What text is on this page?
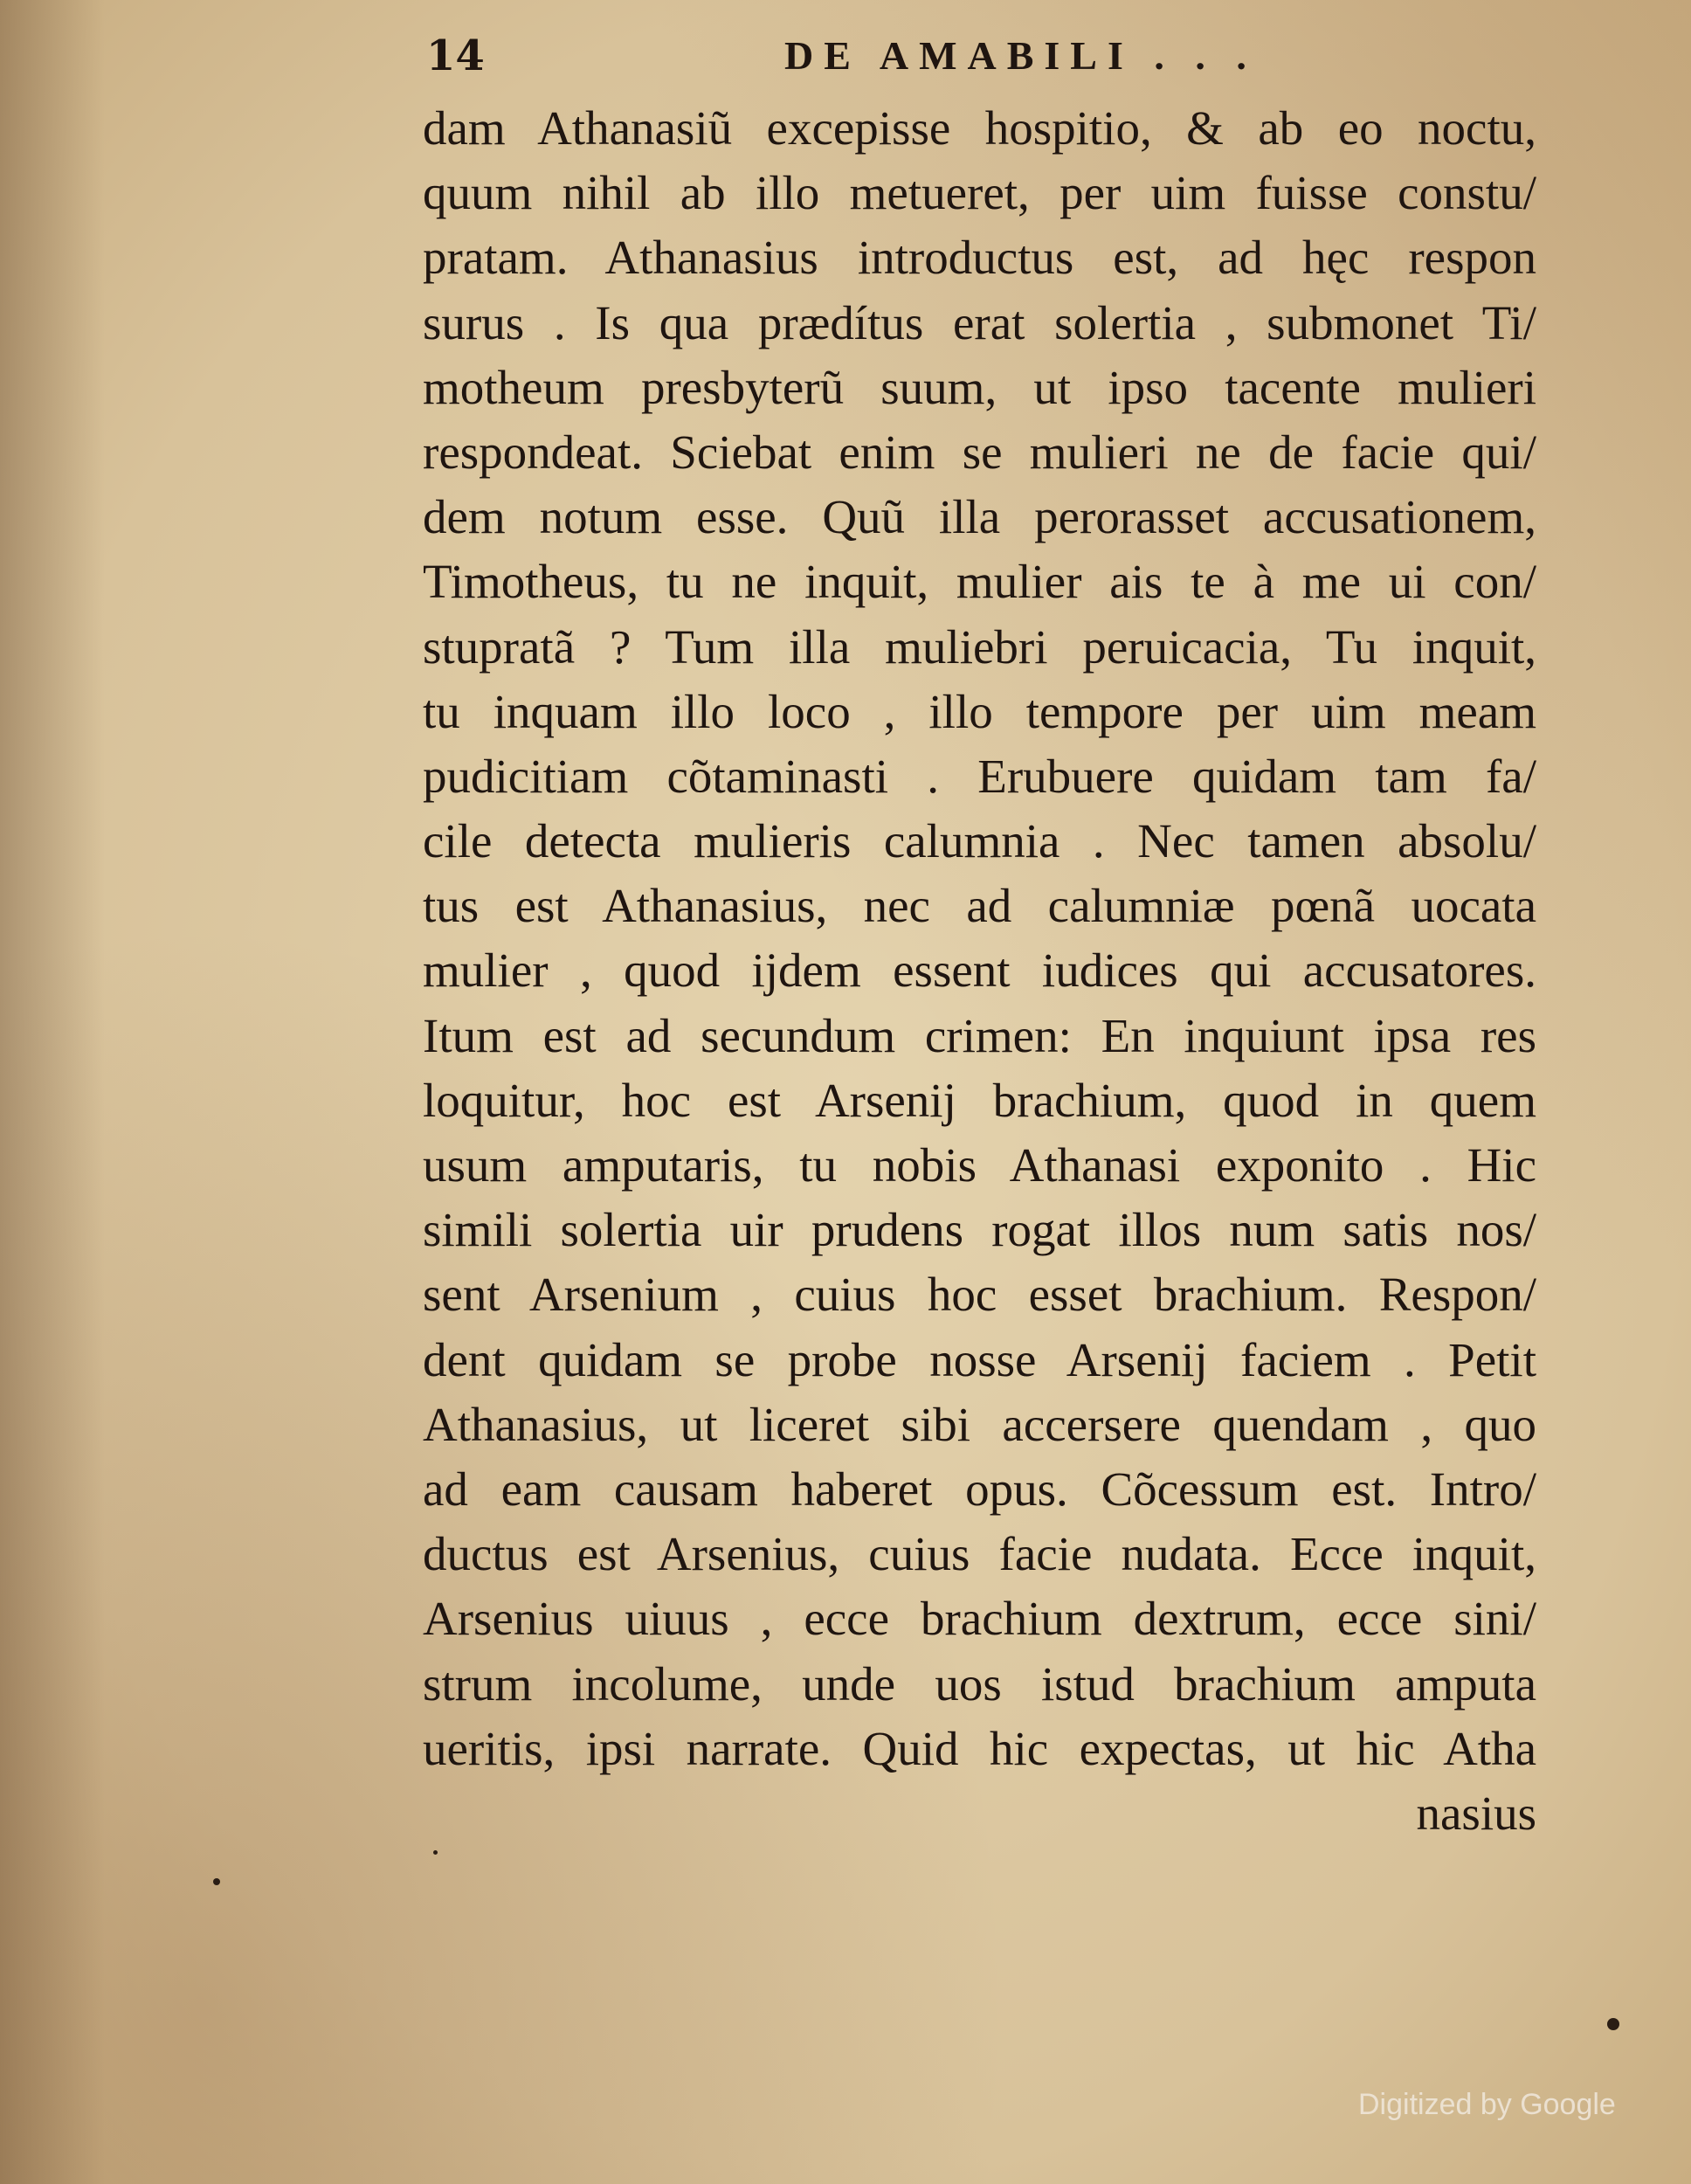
14	DE AMABILI . . .
dam Athanasiũ excepisse hospitio, & ab eo noctu,
quum nihil ab illo metueret, per uim fuisse constu/
pratam. Athanasius introductus est, ad hęc respon
surus . Is qua prædítus erat solertia , submonet Ti/
motheum presbyterũ suum, ut ipso tacente mulieri
respondeat. Sciebat enim se mulieri ne de facie qui/
dem notum esse. Quũ illa perorasset accusationem,
Timotheus, tu ne inquit, mulier ais te à me ui con/
stupratã ? Tum illa muliebri peruicacia, Tu inquit,
tu inquam illo loco , illo tempore per uim meam
pudicitiam cõtaminasti . Erubuere quidam tam fa/
cile detecta mulieris calumnia . Nec tamen absolu/
tus est Athanasius, nec ad calumniæ pœnã uocata
mulier , quod ijdem essent iudices qui accusatores.
Itum est ad secundum crimen: En inquiunt ipsa res
loquitur, hoc est Arsenij brachium, quod in quem
usum amputaris, tu nobis Athanasi exponito . Hic
simili solertia uir prudens rogat illos num satis nos/
sent Arsenium , cuius hoc esset brachium. Respon/
dent quidam se probe nosse Arsenij faciem . Petit
Athanasius, ut liceret sibi accersere quendam , quo
ad eam causam haberet opus. Cõcessum est. Intro/
ductus est Arsenius, cuius facie nudata. Ecce inquit,
Arsenius uiuus , ecce brachium dextrum, ecce sini/
strum incolume, unde uos istud brachium amputa
ueritis, ipsi narrate. Quid hic expectas, ut hic Atha
nasius
Digitized by Google
